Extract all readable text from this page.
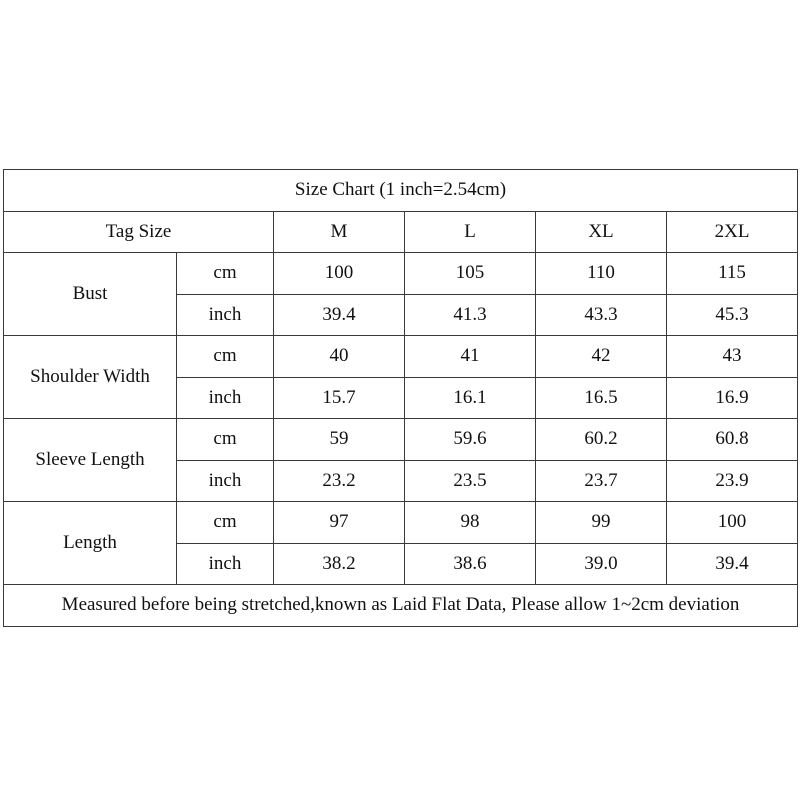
Size Chart (1 inch=2.54cm)					
Tag Size		M	L	XL	2XL
Bust	cm	100	105	110	115
	inch	39.4	41.3	43.3	45.3
Shoulder Width	cm	40	41	42	43
	inch	15.7	16.1	16.5	16.9
Sleeve Length	cm	59	59.6	60.2	60.8
	inch	23.2	23.5	23.7	23.9
Length	cm	97	98	99	100
	inch	38.2	38.6	39.0	39.4
Measured before being stretched,known as Laid Flat Data, Please allow 1~2cm deviation					
